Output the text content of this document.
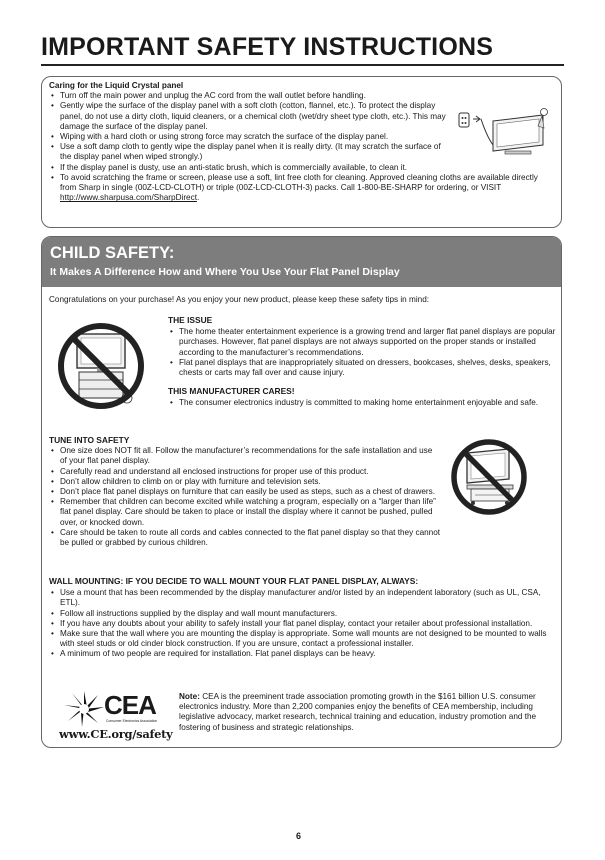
IMPORTANT SAFETY INSTRUCTIONS
Caring for the Liquid Crystal panel
• Turn off the main power and unplug the AC cord from the wall outlet before handling.
• Gently wipe the surface of the display panel with a soft cloth (cotton, flannel, etc.). To protect the display panel, do not use a dirty cloth, liquid cleaners, or a chemical cloth (wet/dry sheet type cloth, etc.). This may damage the surface of the display panel.
• Wiping with a hard cloth or using strong force may scratch the surface of the display panel.
• Use a soft damp cloth to gently wipe the display panel when it is really dirty. (It may scratch the surface of the display panel when wiped strongly.)
• If the display panel is dusty, use an anti-static brush, which is commercially available, to clean it.
• To avoid scratching the frame or screen, please use a soft, lint free cloth for cleaning. Approved cleaning cloths are available directly from Sharp in single (00Z-LCD-CLOTH) or triple (00Z-LCD-CLOTH-3) packs. Call 1-800-BE-SHARP for ordering, or VISIT http://www.sharpusa.com/SharpDirect.
CHILD SAFETY:
It Makes A Difference How and Where You Use Your Flat Panel Display
Congratulations on your purchase! As you enjoy your new product, please keep these safety tips in mind:
THE ISSUE
• The home theater entertainment experience is a growing trend and larger flat panel displays are popular purchases. However, flat panel displays are not always supported on the proper stands or installed according to the manufacturer’s recommendations.
• Flat panel displays that are inappropriately situated on dressers, bookcases, shelves, desks, speakers, chests or carts may fall over and cause injury.
THIS MANUFACTURER CARES!
• The consumer electronics industry is committed to making home entertainment enjoyable and safe.
TUNE INTO SAFETY
• One size does NOT fit all. Follow the manufacturer’s recommendations for the safe installation and use of your flat panel display.
• Carefully read and understand all enclosed instructions for proper use of this product.
• Don’t allow children to climb on or play with furniture and television sets.
• Don’t place flat panel displays on furniture that can easily be used as steps, such as a chest of drawers.
• Remember that children can become excited while watching a program, especially on a “larger than life” flat panel display. Care should be taken to place or install the display where it cannot be pushed, pulled over, or knocked down.
• Care should be taken to route all cords and cables connected to the flat panel display so that they cannot be pulled or grabbed by curious children.
WALL MOUNTING: IF YOU DECIDE TO WALL MOUNT YOUR FLAT PANEL DISPLAY, ALWAYS:
• Use a mount that has been recommended by the display manufacturer and/or listed by an independent laboratory (such as UL, CSA, ETL).
• Follow all instructions supplied by the display and wall mount manufacturers.
• If you have any doubts about your ability to safely install your flat panel display, contact your retailer about professional installation.
• Make sure that the wall where you are mounting the display is appropriate. Some wall mounts are not designed to be mounted to walls with steel studs or old cinder block construction. If you are unsure, contact a professional installer.
• A minimum of two people are required for installation. Flat panel displays can be heavy.
CEA
Consumer Electronics Association
www.CE.org/safety
Note: CEA is the preeminent trade association promoting growth in the $161 billion U.S. consumer electronics industry. More than 2,200 companies enjoy the benefits of CEA membership, including legislative advocacy, market research, technical training and education, industry promotion and the fostering of business and strategic relationships.
6
